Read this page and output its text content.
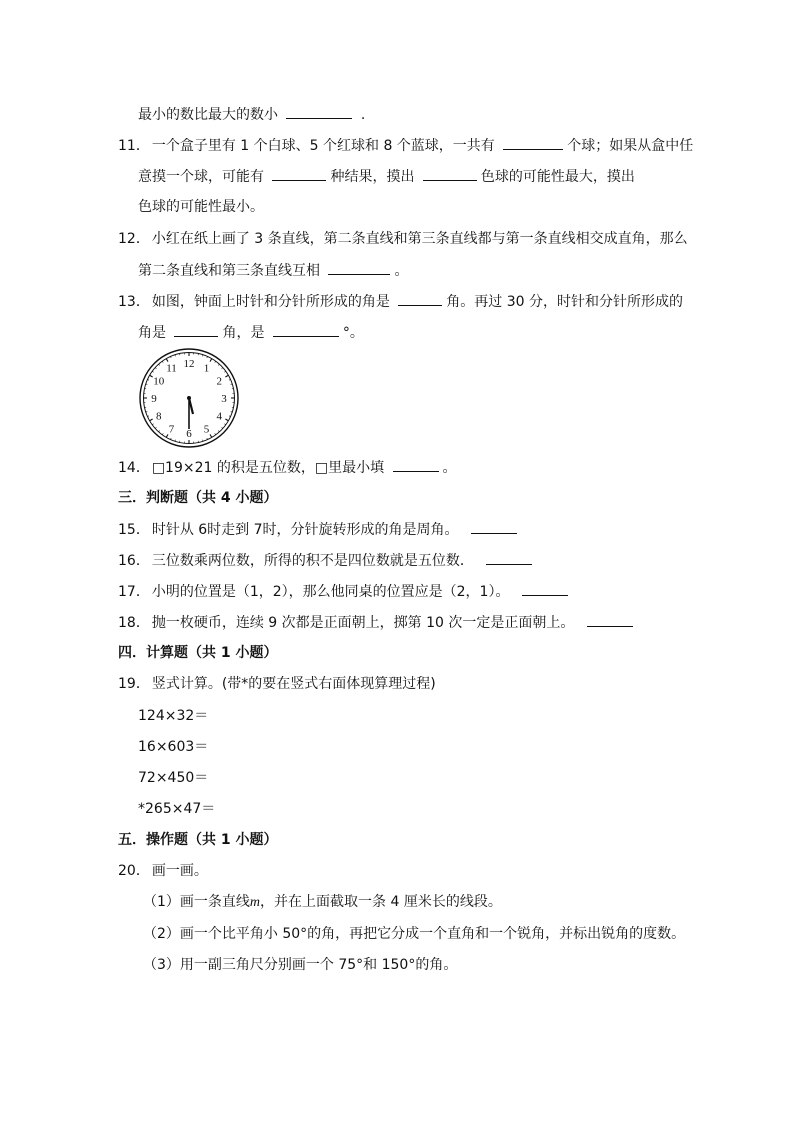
最小的数比最大的数小	.
11． 一个盒子里有 1 个白球、5 个红球和 8 个蓝球，一共有	个球；如果从盒中任
意摸一个球，可能有	种结果，摸出	色球的可能性最大，摸出
色球的可能性最小。
12． 小红在纸上画了 3 条直线，第二条直线和第三条直线都与第一条直线相交成直角，那么
第二条直线和第三条直线互相	。
13． 如图，钟面上时针和分针所形成的角是	角。再过 30 分，时针和分针所形成的
角是	角，是	°。
12 1
2
3
4
5
6
7
8
9
10
11
14． □19×21 的积是五位数，□里最小填	。
三．判断题（共 4 小题）
15． 时针从 6时走到 7时，分针旋转形成的角是周角。
16． 三位数乘两位数，所得的积不是四位数就是五位数．
17． 小明的位置是（1，2），那么他同桌的位置应是（2，1）。
18． 抛一枚硬币，连续 9 次都是正面朝上，掷第 10 次一定是正面朝上。
四．计算题（共 1 小题）
19． 竖式计算。(带*的要在竖式右面体现算理过程)
124×32＝
16×603＝
72×450＝
*265×47＝
五．操作题（共 1 小题）
20． 画一画。
（1）画一条直线m，并在上面截取一条 4 厘米长的线段。
（2）画一个比平角小 50°的角，再把它分成一个直角和一个锐角，并标出锐角的度数。
（3）用一副三角尺分别画一个 75°和 150°的角。
